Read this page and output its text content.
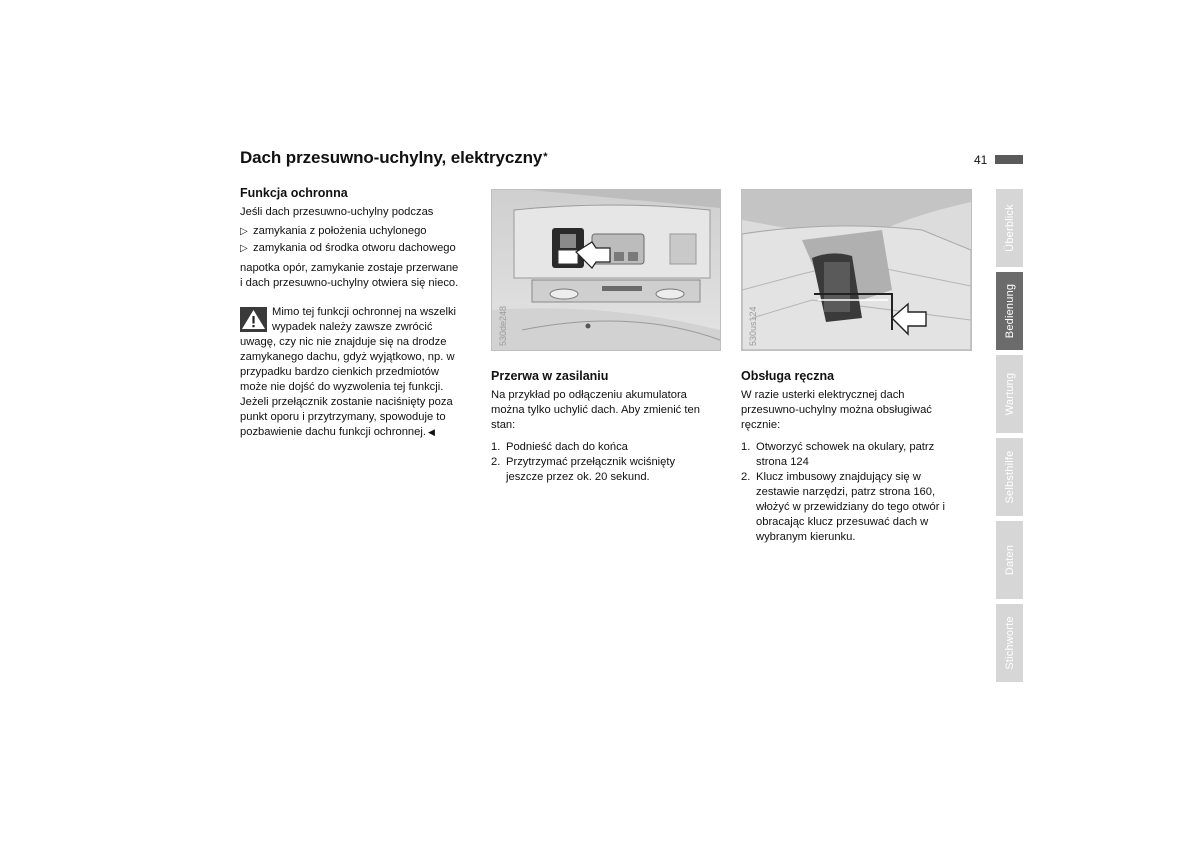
Dach przesuwno-uchylny, elektryczny*	41
Funkcja ochronna

Jeśli dach przesuwno-uchylny podczas

▷ zamykania z położenia uchylonego
▷ zamykania od środka otworu dachowego

napotka opór, zamykanie zostaje przerwane

i dach przesuwno-uchylny otwiera się nieco.

Mimo tej funkcji ochronnej na wszelki

wypadek należy zawsze zwrócić

uwagę, czy nic nie znajduje się na drodze

zamykanego dachu, gdyż wyjątkowo, np. w

przypadku bardzo cienkich przedmiotów

może nie dojść do wyzwolenia tej funkcji.

Jeżeli przełącznik zostanie naciśnięty poza

punkt oporu i przytrzymany, spowoduje to

pozbawienie dachu funkcji ochronnej. ◀

530de248	530us124
Przerwa w zasilaniu

Na przykład po odłączeniu akumulatora

można tylko uchylić dach. Aby zmienić ten

stan:

1. Podnieść dach do końca
2. Przytrzymać przełącznik wciśnięty
jeszcze przez ok. 20 sekund.
Obsługa ręczna

W razie usterki elektrycznej dach

przesuwno-uchylny można obsługiwać

ręcznie:

1. Otworzyć schowek na okulary, patrz
strona 124
2. Klucz imbusowy znajdujący się w
zestawie narzędzi, patrz strona 160,
włożyć w przewidziany do tego otwór i
obracając klucz przesuwać dach w
wybranym kierunku.
Überblick
Bedienung
Wartung
Selbsthilfe
Daten
Stichworte
